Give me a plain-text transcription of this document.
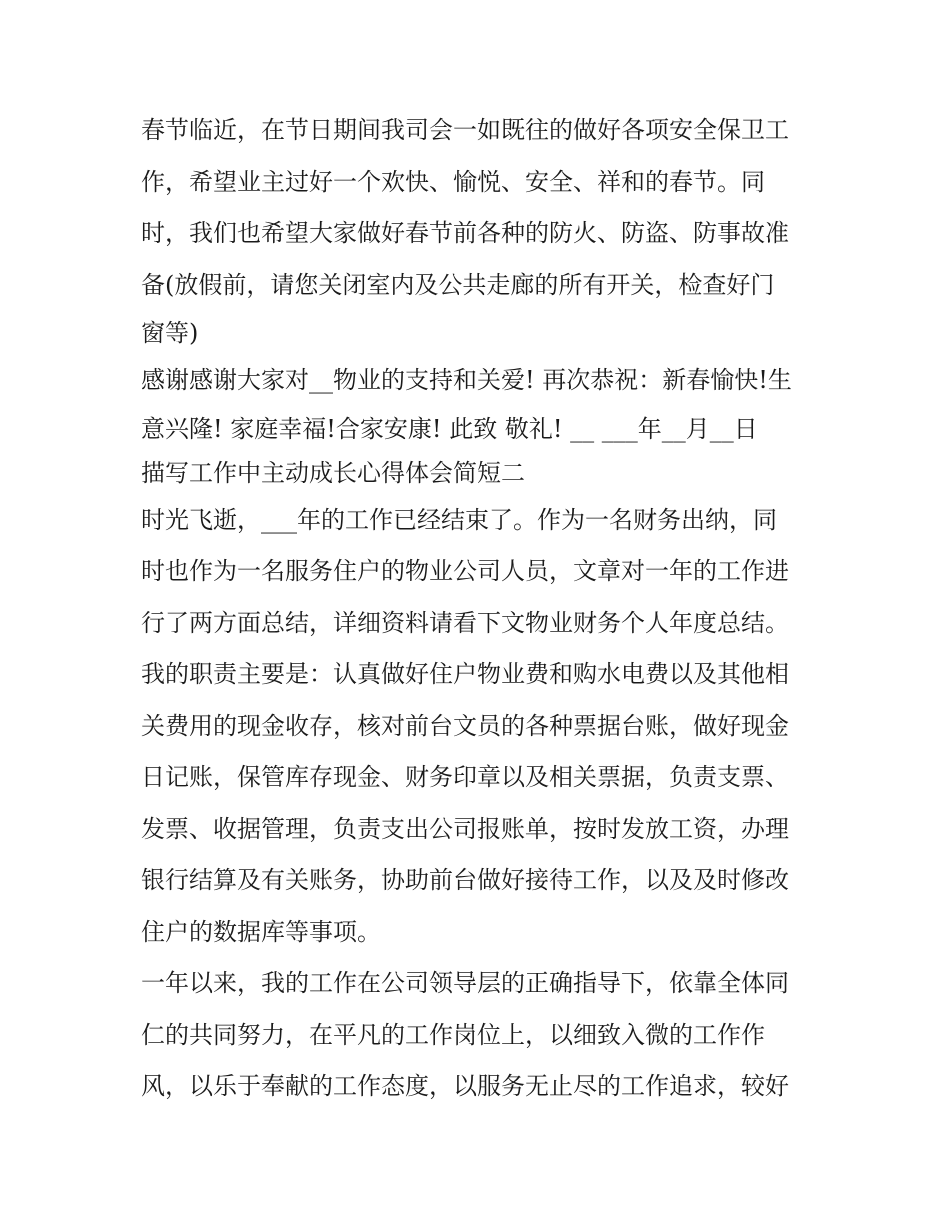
春节临近，在节日期间我司会一如既往的做好各项安全保卫工
作，希望业主过好一个欢快、愉悦、安全、祥和的春节。同
时，我们也希望大家做好春节前各种的防火、防盗、防事故准
备(放假前，请您关闭室内及公共走廊的所有开关，检查好门
窗等)
感谢感谢大家对__物业的支持和关爱! 再次恭祝：新春愉快!生
意兴隆! 家庭幸福!合家安康! 此致 敬礼! __ ___年__月__日
描写工作中主动成长心得体会简短二
时光飞逝，___年的工作已经结束了。作为一名财务出纳，同
时也作为一名服务住户的物业公司人员，文章对一年的工作进
行了两方面总结，详细资料请看下文物业财务个人年度总结。
我的职责主要是：认真做好住户物业费和购水电费以及其他相
关费用的现金收存，核对前台文员的各种票据台账，做好现金
日记账，保管库存现金、财务印章以及相关票据，负责支票、
发票、收据管理，负责支出公司报账单，按时发放工资，办理
银行结算及有关账务，协助前台做好接待工作，以及及时修改
住户的数据库等事项。
一年以来，我的工作在公司领导层的正确指导下，依靠全体同
仁的共同努力，在平凡的工作岗位上，以细致入微的工作作
风，以乐于奉献的工作态度，以服务无止尽的工作追求，较好
